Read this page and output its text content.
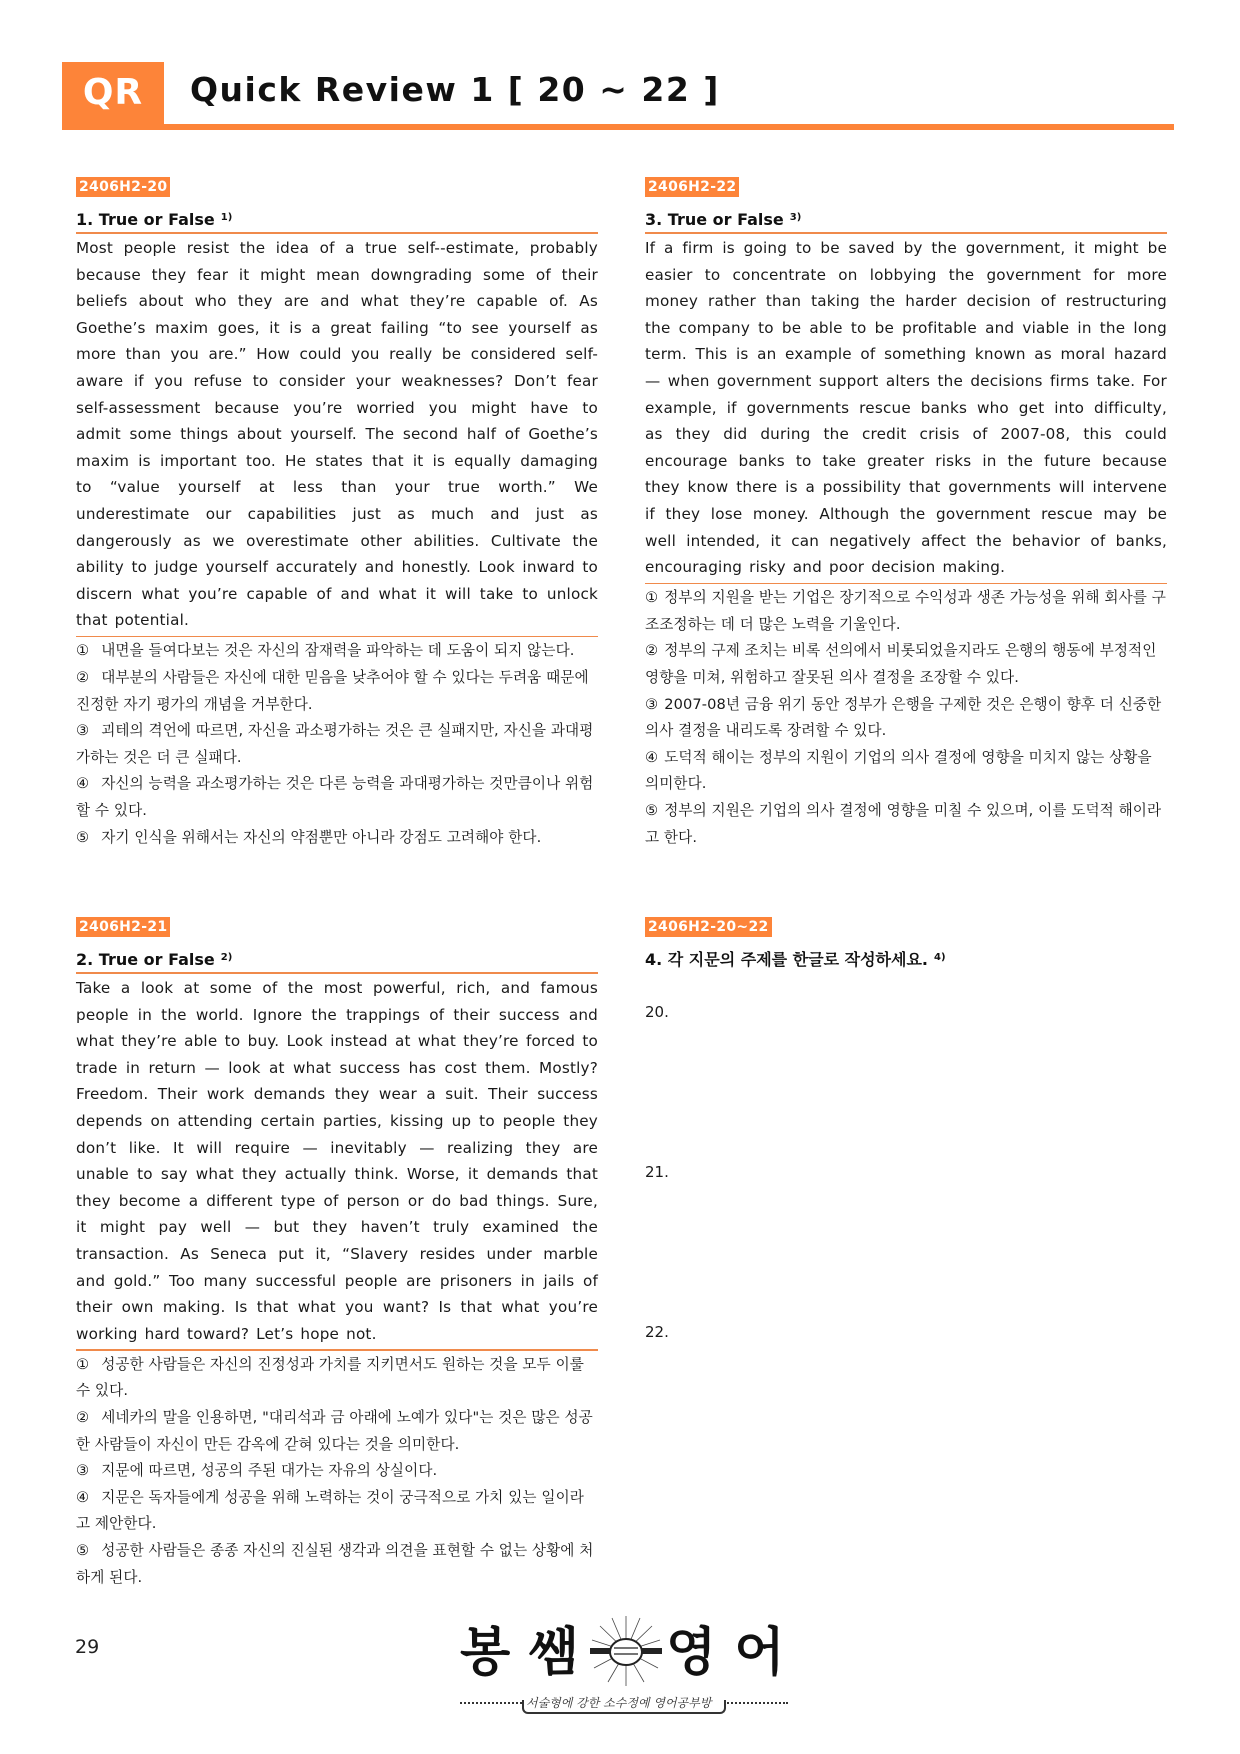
QR	Quick Review 1 [ 20 ~ 22 ]
2406H2-20
1. True or False $^{1)}$
Most people resist the idea of a true self--estimate, probably because they fear it might mean downgrading some of their beliefs about who they are and what they’re capable of. As Goethe’s maxim goes, it is a great failing “to see yourself as more than you are.” How could you really be considered self-aware if you refuse to consider your weaknesses? Don’t fear self-assessment because you’re worried you might have to admit some things about yourself. The second half of Goethe’s maxim is important too. He states that it is equally damaging to “value yourself at less than your true worth.” We underestimate our capabilities just as much and just as dangerously as we overestimate other abilities. Cultivate the ability to judge yourself accurately and honestly. Look inward to discern what you’re capable of and what it will take to unlock that potential.
① 내면을 들여다보는 것은 자신의 잠재력을 파악하는 데 도움이 되지 않는다.
② 대부분의 사람들은 자신에 대한 믿음을 낮추어야 할 수 있다는 두려움 때문에 진정한 자기 평가의 개념을 거부한다.
③ 괴테의 격언에 따르면, 자신을 과소평가하는 것은 큰 실패지만, 자신을 과대평가하는 것은 더 큰 실패다.
④ 자신의 능력을 과소평가하는 것은 다른 능력을 과대평가하는 것만큼이나 위험할 수 있다.
⑤ 자기 인식을 위해서는 자신의 약점뿐만 아니라 강점도 고려해야 한다.
2406H2-21
2. True or False $^{2)}$
Take a look at some of the most powerful, rich, and famous people in the world. Ignore the trappings of their success and what they’re able to buy. Look instead at what they’re forced to trade in return — look at what success has cost them. Mostly? Freedom. Their work demands they wear a suit. Their success depends on attending certain parties, kissing up to people they don’t like. It will require — inevitably — realizing they are unable to say what they actually think. Worse, it demands that they become a different type of person or do bad things. Sure, it might pay well — but they haven’t truly examined the transaction. As Seneca put it, “Slavery resides under marble and gold.” Too many successful people are prisoners in jails of their own making. Is that what you want? Is that what you’re working hard toward? Let’s hope not.
① 성공한 사람들은 자신의 진정성과 가치를 지키면서도 원하는 것을 모두 이룰 수 있다.
② 세네카의 말을 인용하면, "대리석과 금 아래에 노예가 있다"는 것은 많은 성공한 사람들이 자신이 만든 감옥에 갇혀 있다는 것을 의미한다.
③ 지문에 따르면, 성공의 주된 대가는 자유의 상실이다.
④ 지문은 독자들에게 성공을 위해 노력하는 것이 궁극적으로 가치 있는 일이라고 제안한다.
⑤ 성공한 사람들은 종종 자신의 진실된 생각과 의견을 표현할 수 없는 상황에 처하게 된다.
2406H2-22
3. True or False $^{3)}$
If a firm is going to be saved by the government, it might be easier to concentrate on lobbying the government for more money rather than taking the harder decision of restructuring the company to be able to be profitable and viable in the long term. This is an example of something known as moral hazard — when government support alters the decisions firms take. For example, if governments rescue banks who get into difficulty, as they did during the credit crisis of 2007-08, this could encourage banks to take greater risks in the future because they know there is a possibility that governments will intervene if they lose money. Although the government rescue may be well intended, it can negatively affect the behavior of banks, encouraging risky and poor decision making.
① 정부의 지원을 받는 기업은 장기적으로 수익성과 생존 가능성을 위해 회사를 구조조정하는 데 더 많은 노력을 기울인다.
② 정부의 구제 조치는 비록 선의에서 비롯되었을지라도 은행의 행동에 부정적인 영향을 미쳐, 위험하고 잘못된 의사 결정을 조장할 수 있다.
③ 2007-08년 금융 위기 동안 정부가 은행을 구제한 것은 은행이 향후 더 신중한 의사 결정을 내리도록 장려할 수 있다.
④ 도덕적 해이는 정부의 지원이 기업의 의사 결정에 영향을 미치지 않는 상황을 의미한다.
⑤ 정부의 지원은 기업의 의사 결정에 영향을 미칠 수 있으며, 이를 도덕적 해이라고 한다.
2406H2-20~22
4. 각 지문의 주제를 한글로 작성하세요. $^{4)}$
20.
21.
22.
29	봉 쌤 영 어
서술형에 강한 소수정예 영어공부방
